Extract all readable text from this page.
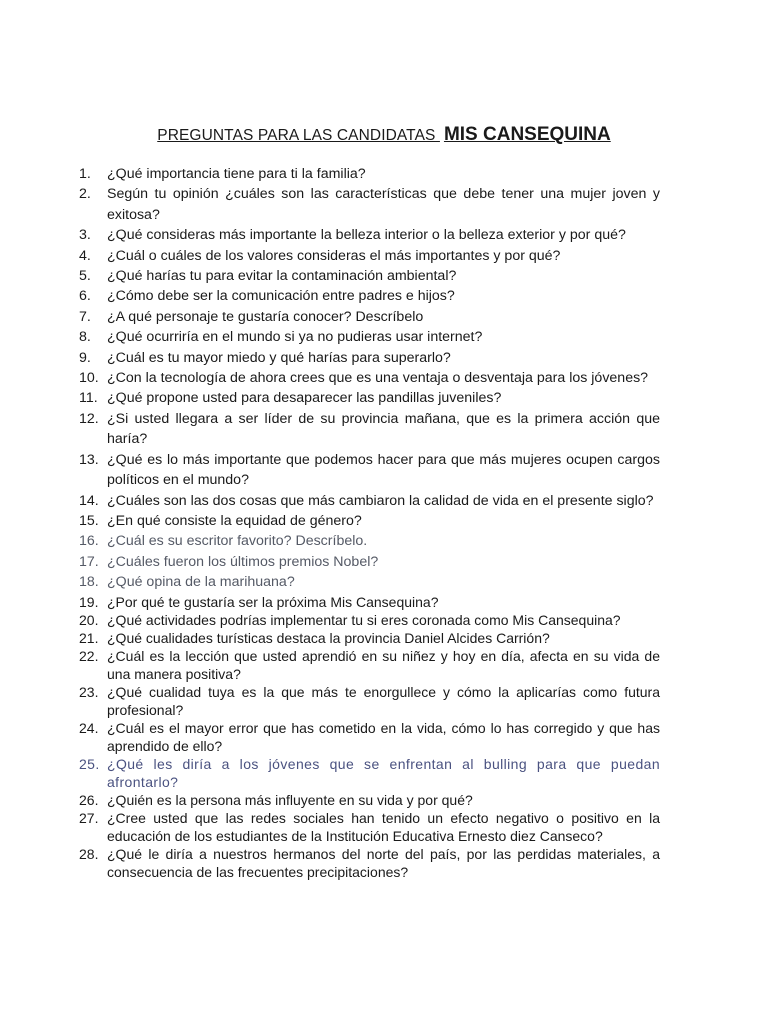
PREGUNTAS PARA LAS CANDIDATAS MIS CANSEQUINA
1. ¿Qué importancia tiene para ti la familia?
2. Según tu opinión ¿cuáles son las características que debe tener una mujer joven y exitosa?
3. ¿Qué consideras más importante la belleza interior o la belleza exterior y por qué?
4. ¿Cuál o cuáles de los valores consideras el más importantes y por qué?
5. ¿Qué harías tu para evitar la contaminación ambiental?
6. ¿Cómo debe ser la comunicación entre padres e hijos?
7. ¿A qué personaje te gustaría conocer? Descríbelo
8. ¿Qué ocurriría en el mundo si ya no pudieras usar internet?
9. ¿Cuál es tu mayor miedo y qué harías para superarlo?
10. ¿Con la tecnología de ahora crees que es una ventaja o desventaja para los jóvenes?
11. ¿Qué propone usted para desaparecer las pandillas juveniles?
12. ¿Si usted llegara a ser líder de su provincia mañana, que es la primera acción que haría?
13. ¿Qué es lo más importante que podemos hacer para que más mujeres ocupen cargos políticos en el mundo?
14. ¿Cuáles son las dos cosas que más cambiaron la calidad de vida en el presente siglo?
15. ¿En qué consiste la equidad de género?
16. ¿Cuál es su escritor favorito? Descríbelo.
17. ¿Cuáles fueron los últimos premios Nobel?
18. ¿Qué opina de la marihuana?
19. ¿Por qué te gustaría ser la próxima Mis Cansequina?
20. ¿Qué actividades podrías implementar tu si eres coronada como Mis Cansequina?
21. ¿Qué cualidades turísticas destaca la provincia Daniel Alcides Carrión?
22. ¿Cuál es la lección que usted aprendió en su niñez y hoy en día, afecta en su vida de una manera positiva?
23. ¿Qué cualidad tuya es la que más te enorgullece y cómo la aplicarías como futura profesional?
24. ¿Cuál es el mayor error que has cometido en la vida, cómo lo has corregido y que has aprendido de ello?
25. ¿Qué les diría a los jóvenes que se enfrentan al bulling para que puedan afrontarlo?
26. ¿Quién es la persona más influyente en su vida y por qué?
27. ¿Cree usted que las redes sociales han tenido un efecto negativo o positivo en la educación de los estudiantes de la Institución Educativa Ernesto diez Canseco?
28. ¿Qué le diría a nuestros hermanos del norte del país, por las perdidas materiales, a consecuencia de las frecuentes precipitaciones?
